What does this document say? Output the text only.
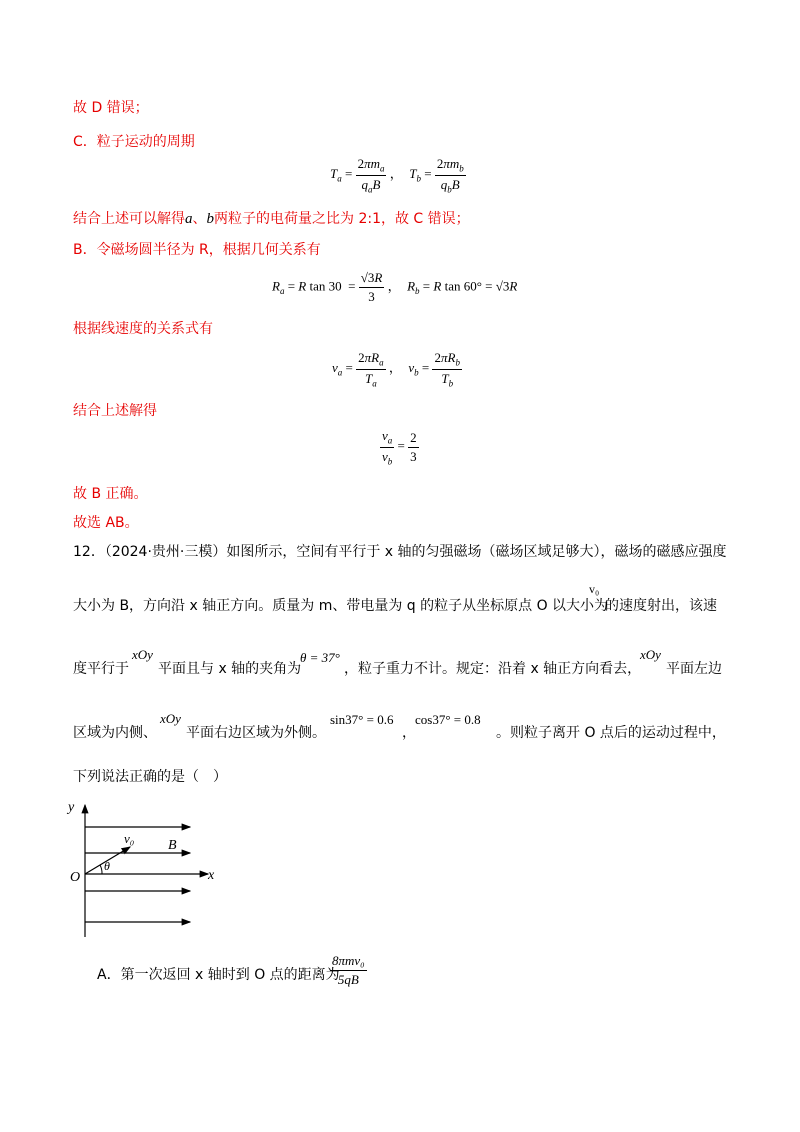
故 D 错误；
C．粒子运动的周期
$T_a = \frac{2\pi m_a}{q_aB}$ ，  $T_b = \frac{2\pi m_b}{q_bB}$
结合上述可以解得a、b两粒子的电荷量之比为 2:1，故 C 错误；
B．令磁场圆半径为 R，根据几何关系有
$R_a = R$ $\tan 30 = \frac{√3R}{3}$ ，  $R_b = R$ tan 60° = √3R
根据线速度的关系式有
$v_a = \frac{2\pi R_a}{T_a}$ ，  $v_b = \frac{2\pi R_b}{T_b}$
结合上述解得
$\frac{v_a}{v_b} = \frac{2}{3}$
故 B 正确。
故选 AB。
12．（2024·贵州·三模）如图所示，空间有平行于 x 轴的匀强磁场（磁场区域足够大），磁场的磁感应强度
大小为 B，方向沿 x 轴正方向。质量为 m、带电量为 q 的粒子从坐标原点 O 以大小为
v₀
的速度射出，该速
度平行于
xOy
平面且与 x 轴的夹角为
θ = 37°
，粒子重力不计。规定：沿着 x 轴正方向看去，
xOy
平面左边
区域为内侧、
xOy
平面右边区域为外侧。
sin37° = 0.6
，
cos37° = 0.8
。则粒子离开 O 点后的运动过程中，
下列说法正确的是（　）
y
x
O
v₀ B
θ
A．第一次返回 x 轴时到 O 点的距离为
$\frac{\text{8πmv₀}}{5qB}$
